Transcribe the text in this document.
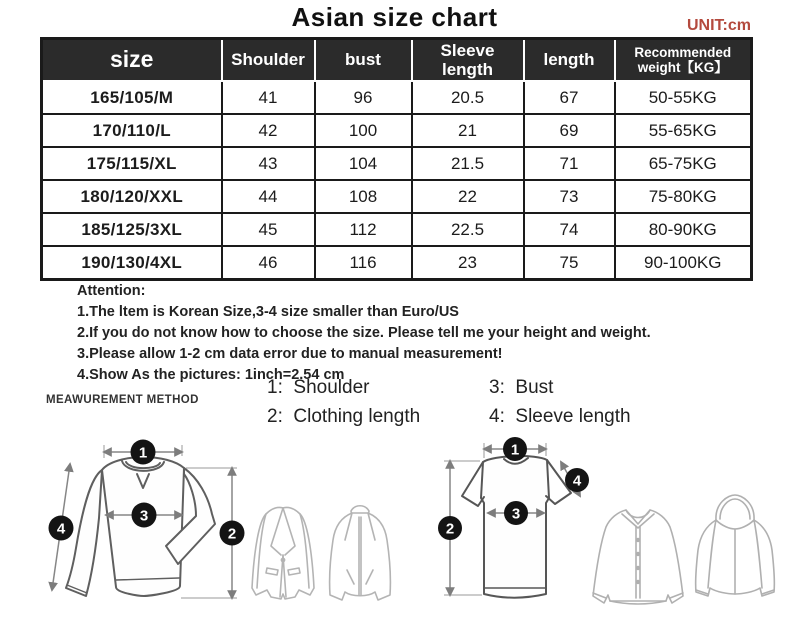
Asian size chart	UNIT:cm
size	Shoulder	bust	Sleeve length	length	Recommended weight【KG】
165/105/M	41	96	20.5	67	50-55KG
170/110/L	42	100	21	69	55-65KG
175/115/XL	43	104	21.5	71	65-75KG
180/120/XXL	44	108	22	73	75-80KG
185/125/3XL	45	112	22.5	74	80-90KG
190/130/4XL	46	116	23	75	90-100KG
Attention:
1.The ltem is Korean Size,3-4 size smaller than Euro/US
2.If you do not know how to choose the size. Please tell me your height and weight.
3.Please allow 1-2 cm data error due to manual measurement!
4.Show As the pictures: 1inch=2.54 cm
MEAWUREMENT METHOD
1:  Shoulder
2:  Clothing length
3:  Bust
4:  Sleeve length
1
4
3
2
1
2
3
4
